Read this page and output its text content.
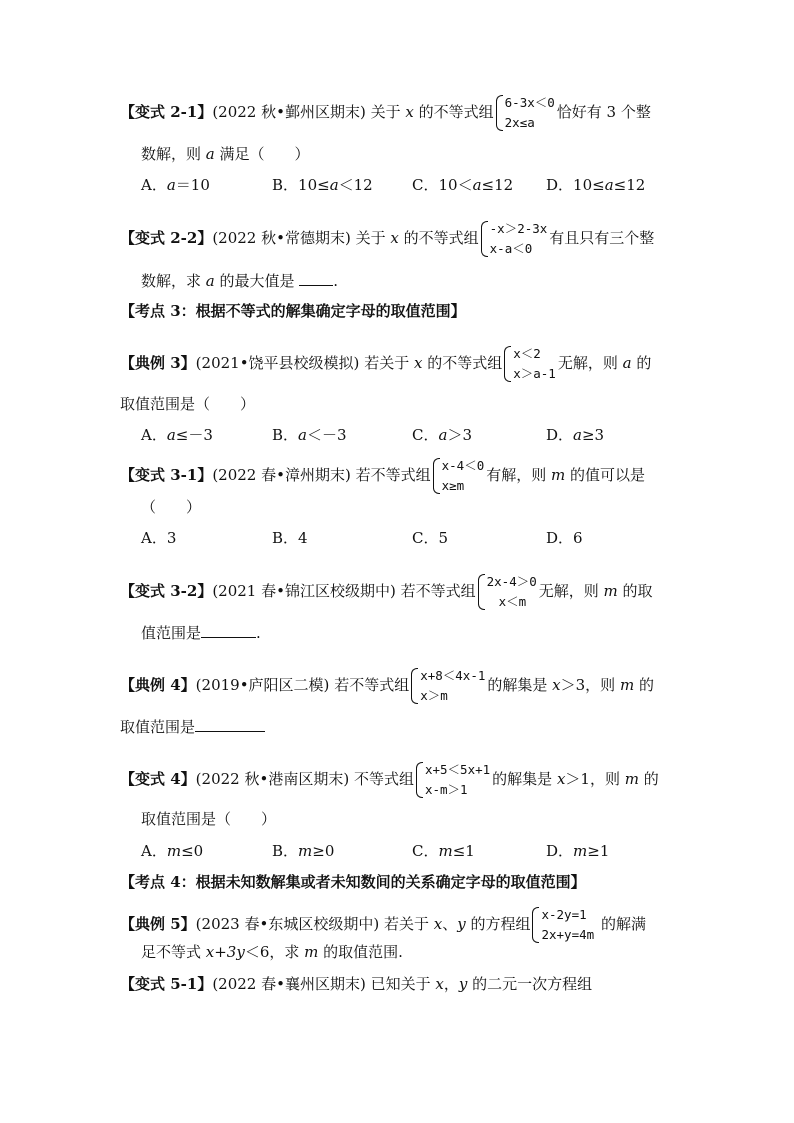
【变式 2-1】(2022 秋•鄞州区期末) 关于 x 的不等式组
6-3x＜0
2x≤a
恰好有 3 个整
数解，则 a 满足（　　）
A．a＝10	B．10≤a＜12	C．10＜a≤12 D．10≤a≤12
【变式 2-2】(2022 秋•常德期末) 关于 x 的不等式组
-x＞2-3x
x-a＜0
有且只有三个整
数解，求 a 的最大值是 .
【考点 3：根据不等式的解集确定字母的取值范围】
【典例 3】(2021•饶平县校级模拟) 若关于 x 的不等式组
x＜2
x＞a-1
无解，则 a 的
取值范围是（　　）
A．a≤－3	B．a＜－3	C．a＞3	D．a≥3
【变式 3-1】(2022 春•漳州期末) 若不等式组
x-4＜0
x≥m
有解，则 m 的值可以是
（　　）
A．3	B．4	C．5	D．6
【变式 3-2】(2021 春•锦江区校级期中) 若不等式组
2x-4＞0
x＜m
无解，则 m 的取
值范围是	.
【典例 4】(2019•庐阳区二模) 若不等式组
x+8＜4x-1
x＞m
的解集是 x＞3，则 m 的
取值范围是
【变式 4】(2022 秋•港南区期末) 不等式组
x+5＜5x+1
x-m＞1
的解集是 x＞1，则 m 的
取值范围是（　　）
A．m≤0	B．m≥0	C．m≤1	D．m≥1
【考点 4：根据未知数解集或者未知数间的关系确定字母的取值范围】
【典例 5】(2023 春•东城区校级期中) 若关于 x、y 的方程组
x-2y=1
2x+y=4m
的解满
足不等式 x+3y＜6，求 m 的取值范围.
【变式 5-1】(2022 春•襄州区期末) 已知关于 x，y 的二元一次方程组
